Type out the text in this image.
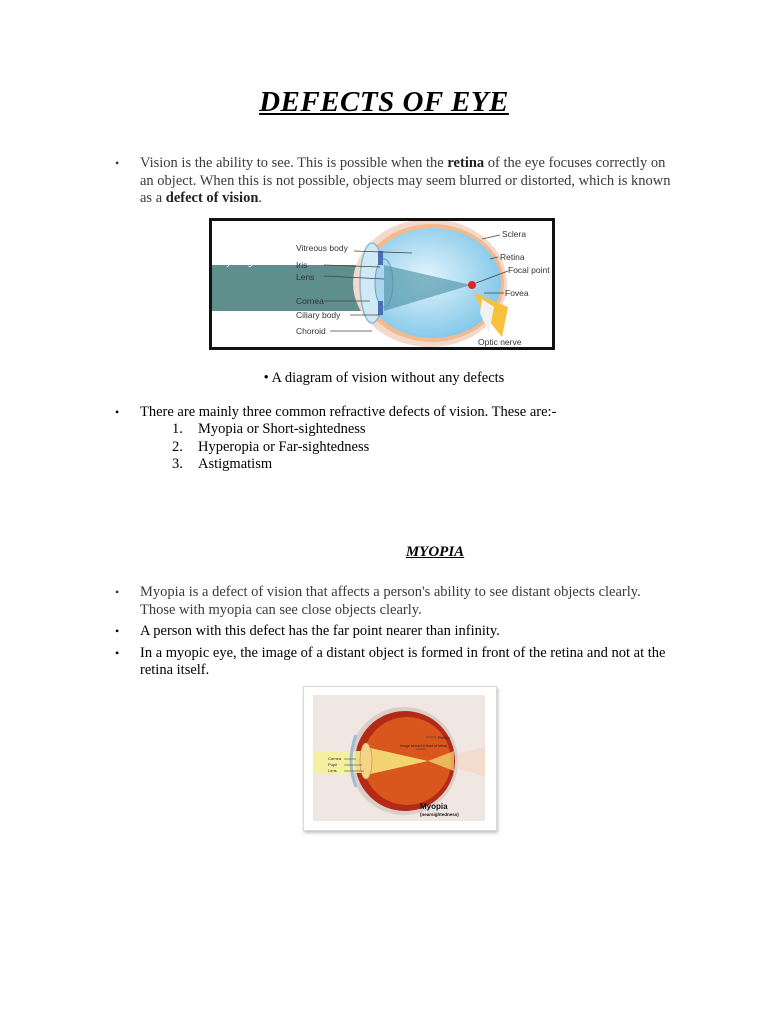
DEFECTS OF EYE
• Vision is the ability to see. This is possible when the retina of the eye focuses correctly on an object. When this is not possible, objects may seem blurred or distorted, which is known as a defect of vision.
Ray of light
Vitreous body
Iris
Lens
Cornea
Ciliary body
Choroid
Sclera
Retina
Focal point
Fovea
Optic nerve
• A diagram of vision without any defects
• There are mainly three common refractive defects of vision. These are:-
1. Myopia or Short-sightedness
2. Hyperopia or Far-sightedness
3. Astigmatism
MYOPIA
• Myopia is a defect of vision that affects a person's ability to see distant objects clearly. Those with myopia can see close objects clearly.
• A person with this defect has the far point nearer than infinity.
• In a myopic eye, the image of a distant object is formed in front of the retina and not at the retina itself.
Retina
Image formed in front of retina
Cornea
Pupil
Lens
Myopia
(nearsightedness)
